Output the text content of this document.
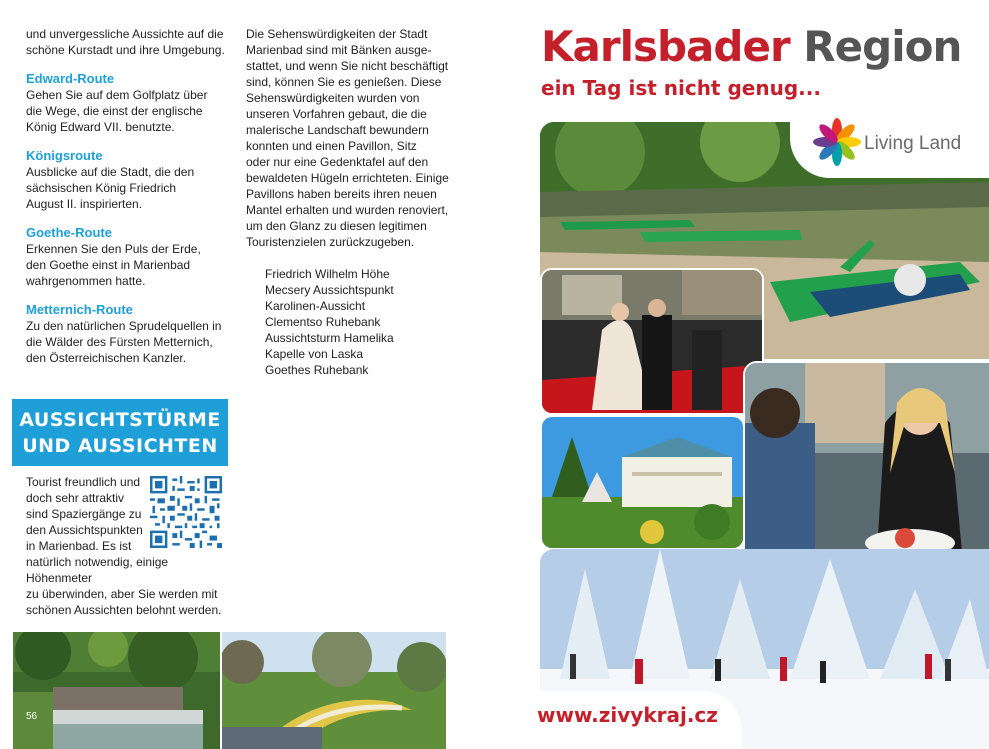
und unvergessliche Aussichte auf die

schöne Kurstadt und ihre Umgebung.

Edward-Route

Gehen Sie auf dem Golfplatz über

die Wege, die einst der englische

König Edward VII. benutzte.

Königsroute

Ausblicke auf die Stadt, die den

sächsischen König Friedrich

August II. inspirierten.

Goethe-Route

Erkennen Sie den Puls der Erde,

den Goethe einst in Marienbad

wahrgenommen hatte.

Metternich-Route

Zu den natürlichen Sprudelquellen in

die Wälder des Fürsten Metternich,

den Österreichischen Kanzler.

AUSSICHTSTÜRME
UND AUSSICHTEN

Tourist freundlich und

doch sehr attraktiv

sind Spaziergänge zu

den Aussichtspunkten

in Marienbad. Es ist

natürlich notwendig, einige Höhenmeter

zu überwinden, aber Sie werden mit

schönen Aussichten belohnt werden.

Die Sehenswürdigkeiten der Stadt

Marienbad sind mit Bänken ausge-

stattet, und wenn Sie nicht beschäftigt

sind, können Sie es genießen. Diese

Sehenswürdigkeiten wurden von

unseren Vorfahren gebaut, die die

malerische Landschaft bewundern

konnten und einen Pavillon, Sitz

oder nur eine Gedenktafel auf den

bewaldeten Hügeln errichteten. Einige

Pavillons haben bereits ihren neuen

Mantel erhalten und wurden renoviert,

um den Glanz zu diesen legitimen

Touristenzielen zurückzugeben.

Friedrich Wilhelm Höhe

Mecsery Aussichtspunkt

Karolinen-Aussicht

Clementso Ruhebank

Aussichtsturm Hamelika

Kapelle von Laska

Goethes Ruhebank

56
Karlsbader Region
ein Tag ist nicht genug...
Living Land
www.zivykraj.cz
